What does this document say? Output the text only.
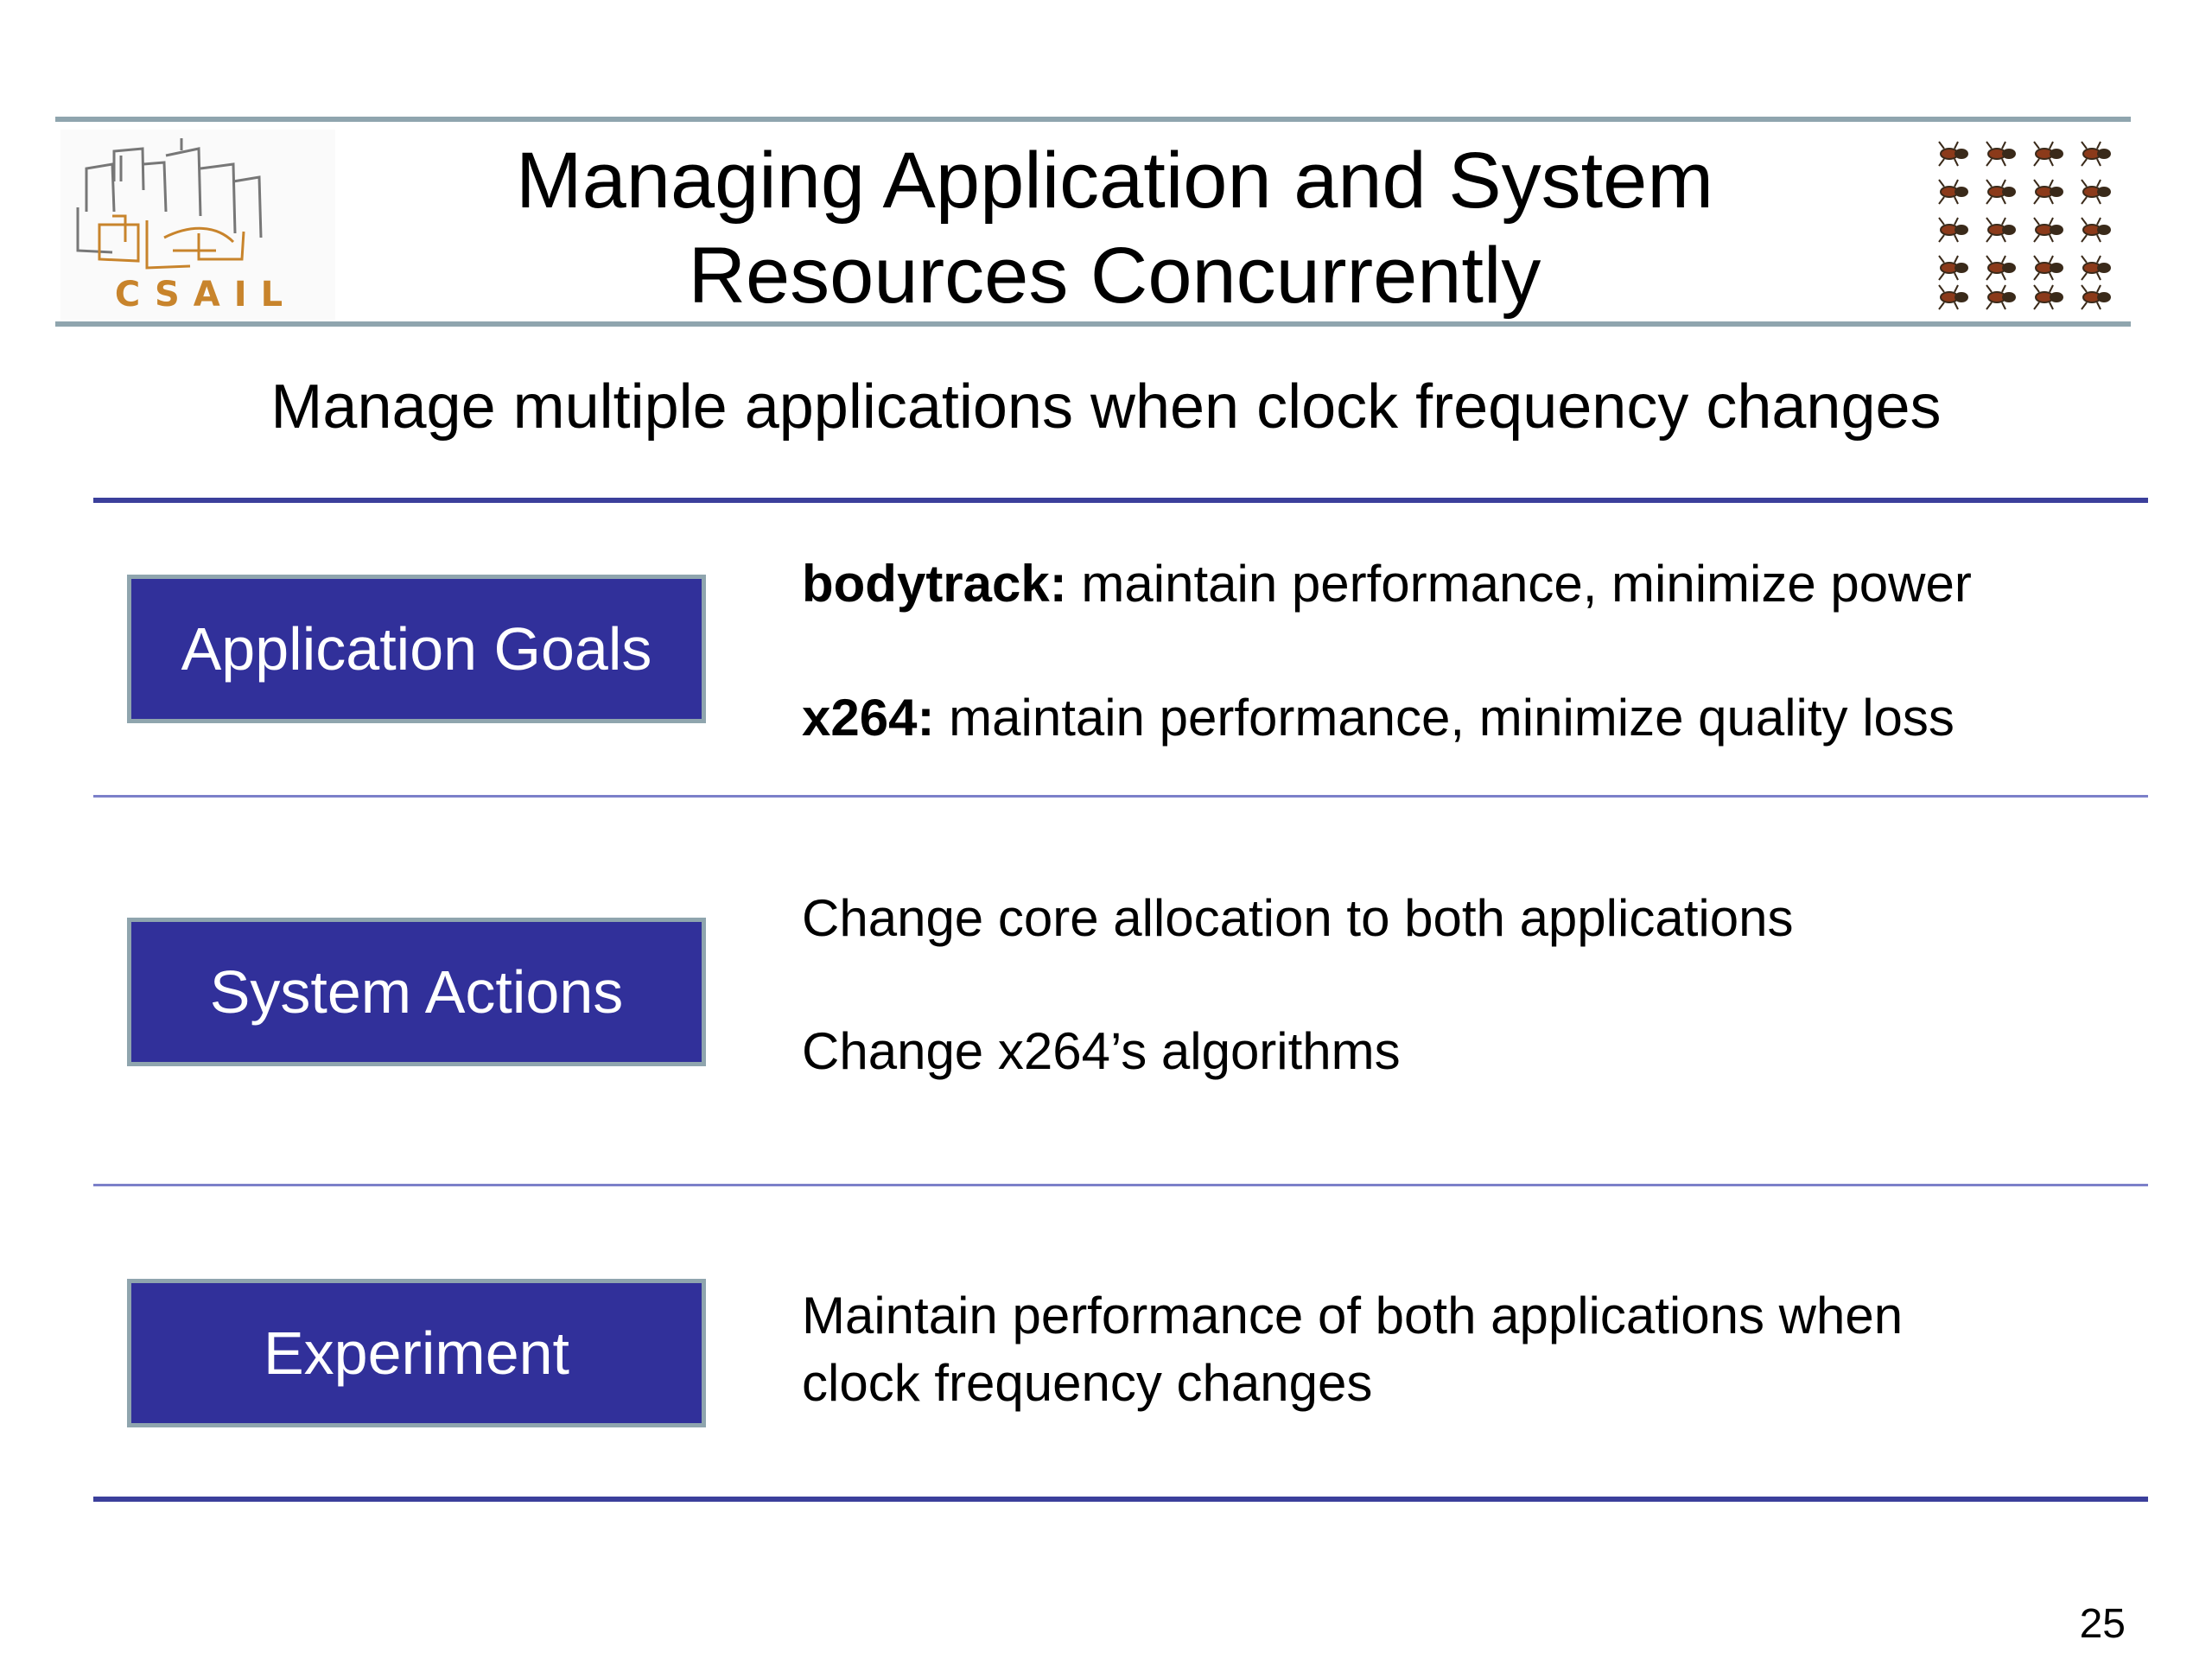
CSAIL
Managing Application and System
Resources Concurrently
Manage multiple applications when clock frequency changes
Application Goals
bodytrack: maintain performance, minimize power
x264: maintain performance, minimize quality loss
System Actions
Change core allocation to both applications
Change x264’s algorithms
Experiment
Maintain performance of both applications when
clock frequency changes
25
